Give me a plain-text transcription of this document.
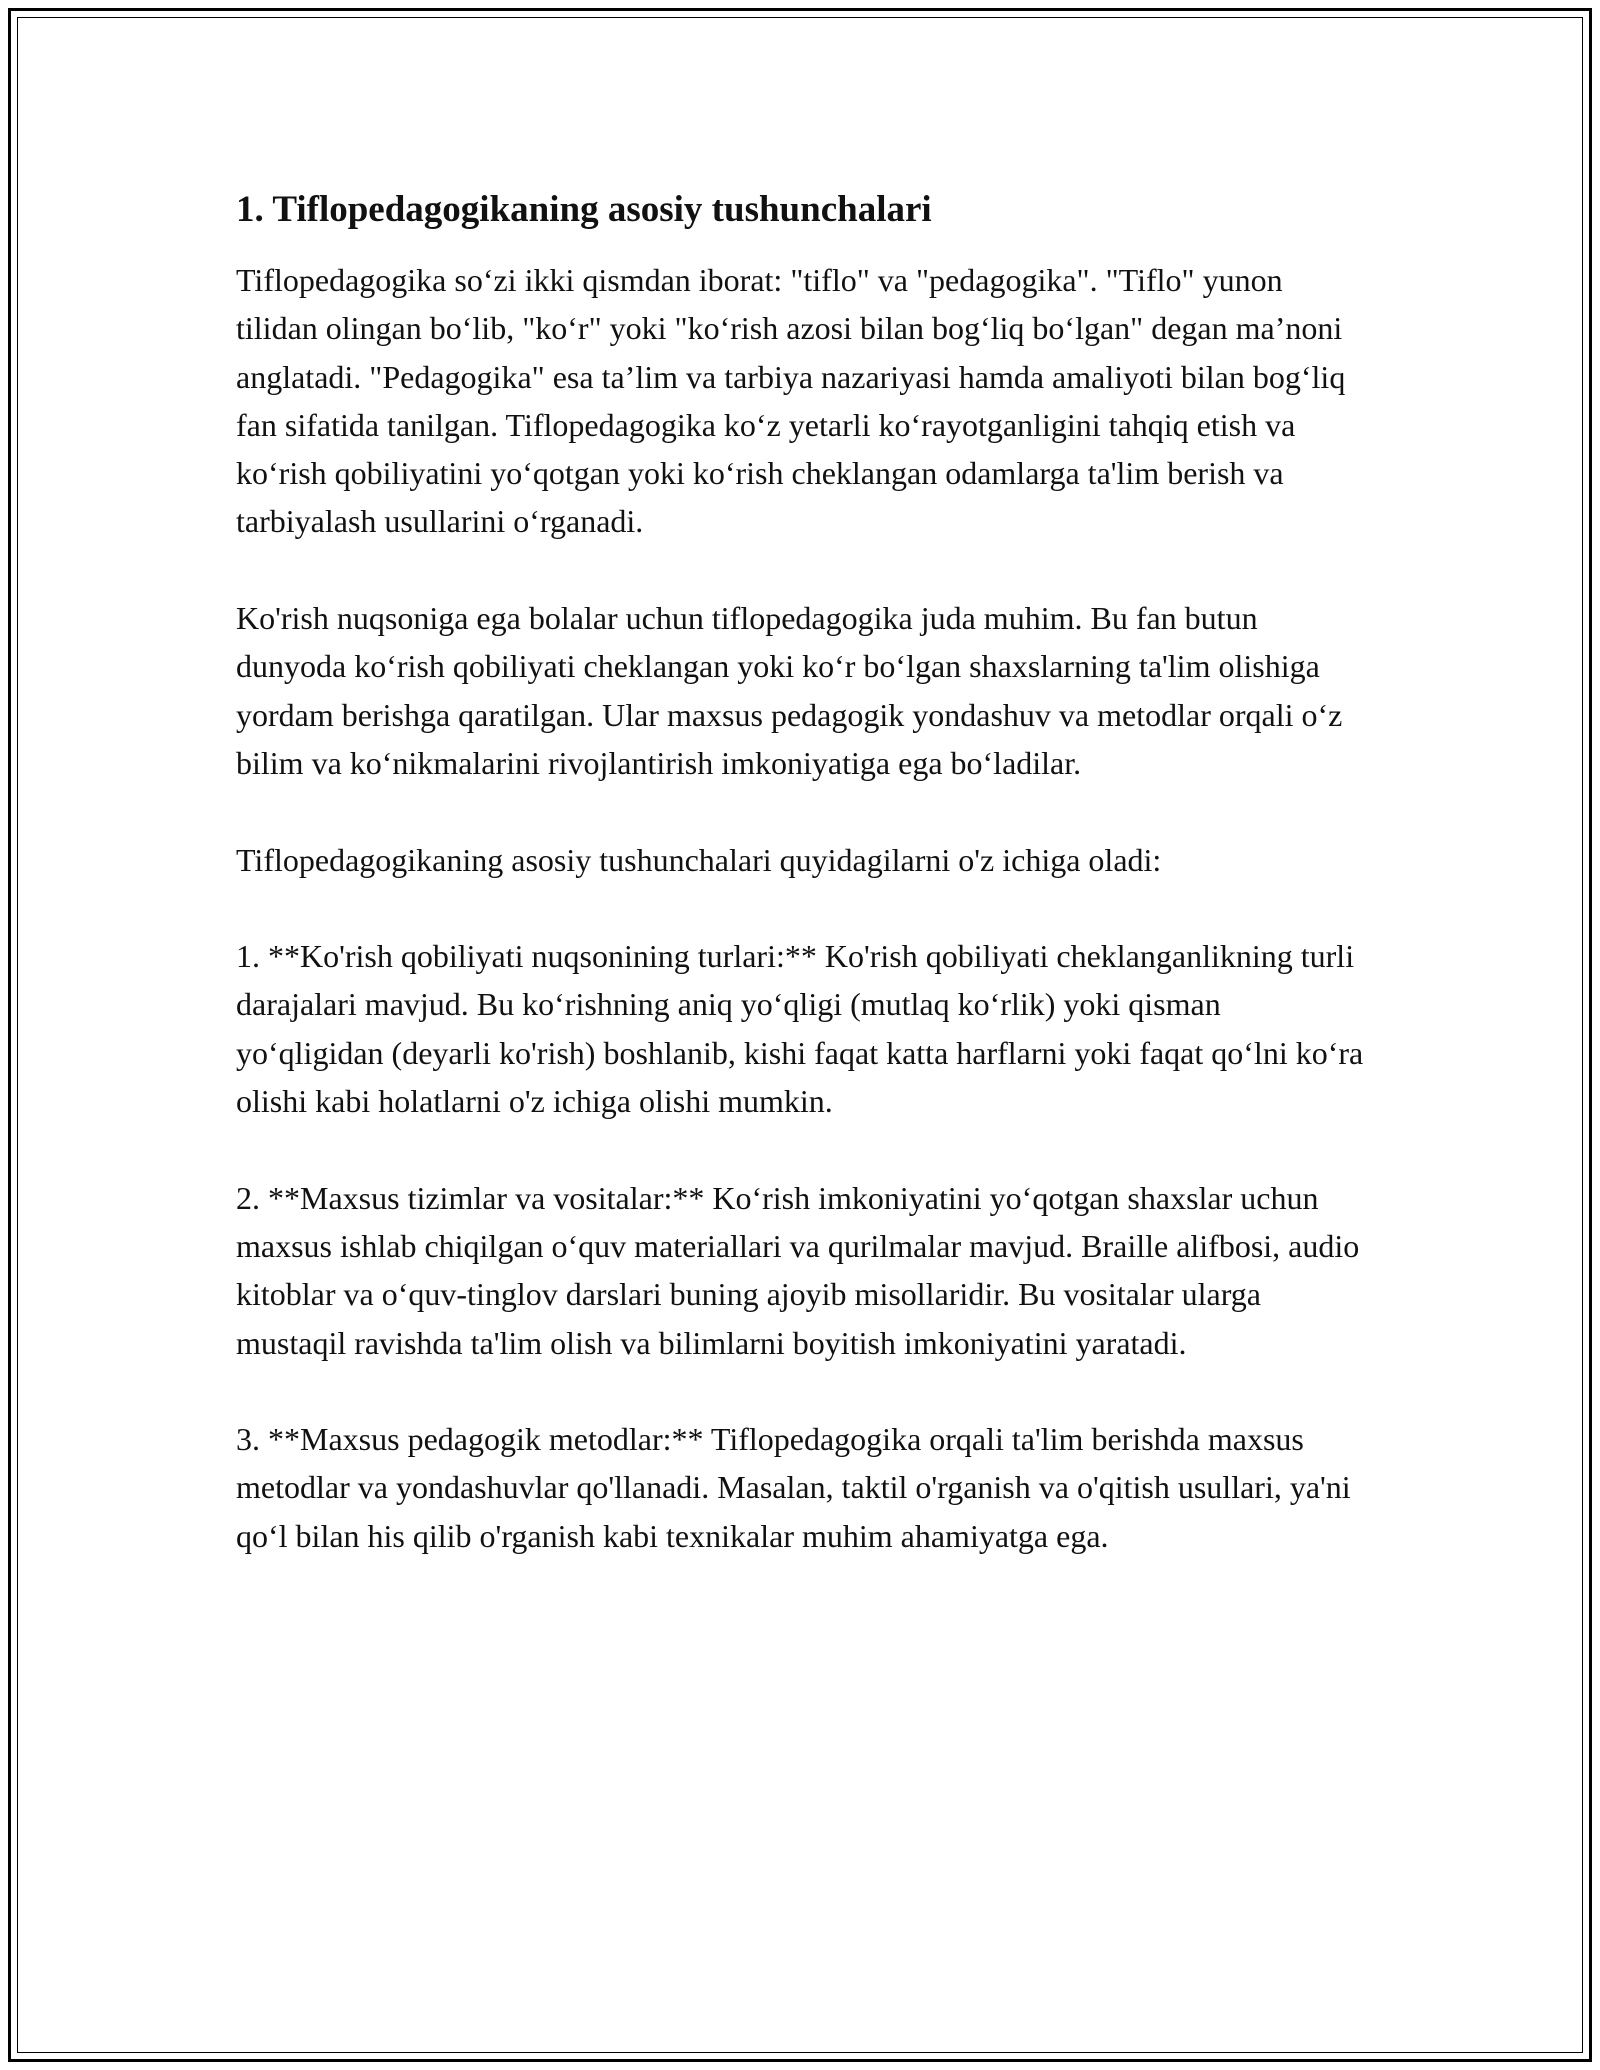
1. Tiflopedagogikaning asosiy tushunchalari

Tiflopedagogika so‘zi ikki qismdan iborat: "tiflo" va "pedagogika". "Tiflo" yunon tilidan olingan bo‘lib, "ko‘r" yoki "ko‘rish azosi bilan bog‘liq bo‘lgan" degan ma’noni anglatadi. "Pedagogika" esa ta’lim va tarbiya nazariyasi hamda amaliyoti bilan bog‘liq fan sifatida tanilgan. Tiflopedagogika ko‘z yetarli ko‘rayotganligini tahqiq etish va ko‘rish qobiliyatini yo‘qotgan yoki ko‘rish cheklangan odamlarga ta'lim berish va tarbiyalash usullarini o‘rganadi.

Ko'rish nuqsoniga ega bolalar uchun tiflopedagogika juda muhim. Bu fan butun dunyoda ko‘rish qobiliyati cheklangan yoki ko‘r bo‘lgan shaxslarning ta'lim olishiga yordam berishga qaratilgan. Ular maxsus pedagogik yondashuv va metodlar orqali o‘z bilim va ko‘nikmalarini rivojlantirish imkoniyatiga ega bo‘ladilar.

Tiflopedagogikaning asosiy tushunchalari quyidagilarni o'z ichiga oladi:

1. **Ko'rish qobiliyati nuqsonining turlari:** Ko'rish qobiliyati cheklanganlikning turli darajalari mavjud. Bu ko‘rishning aniq yo‘qligi (mutlaq ko‘rlik) yoki qisman yo‘qligidan (deyarli ko'rish) boshlanib, kishi faqat katta harflarni yoki faqat qo‘lni ko‘ra olishi kabi holatlarni o'z ichiga olishi mumkin.

2. **Maxsus tizimlar va vositalar:** Ko‘rish imkoniyatini yo‘qotgan shaxslar uchun maxsus ishlab chiqilgan o‘quv materiallari va qurilmalar mavjud. Braille alifbosi, audio kitoblar va o‘quv-tinglov darslari buning ajoyib misollaridir. Bu vositalar ularga mustaqil ravishda ta'lim olish va bilimlarni boyitish imkoniyatini yaratadi.

3. **Maxsus pedagogik metodlar:** Tiflopedagogika orqali ta'lim berishda maxsus metodlar va yondashuvlar qo'llanadi. Masalan, taktil o'rganish va o'qitish usullari, ya'ni qo‘l bilan his qilib o'rganish kabi texnikalar muhim ahamiyatga ega.
